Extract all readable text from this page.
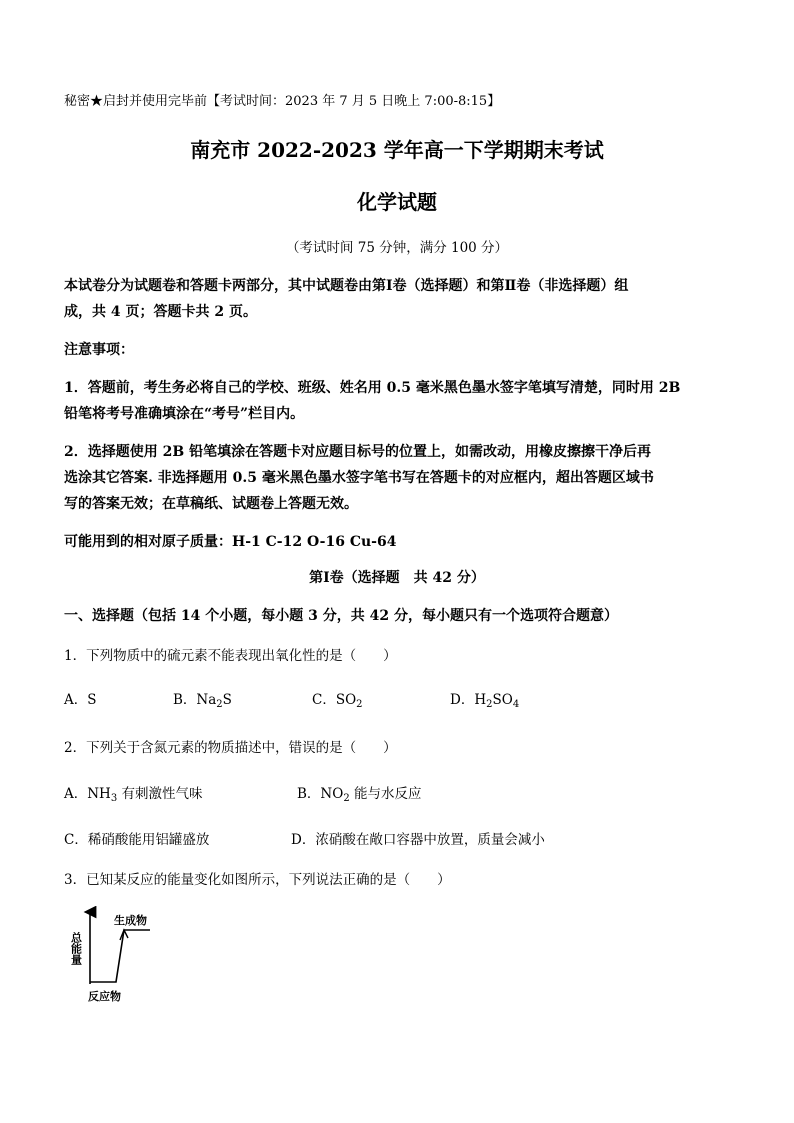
秘密★启封并使用完毕前【考试时间：2023 年 7 月 5 日晚上 7:00-8:15】
南充市 2022-2023 学年高一下学期期末考试
化学试题
（考试时间 75 分钟，满分 100 分）
本试卷分为试题卷和答题卡两部分，其中试题卷由第Ⅰ卷（选择题）和第Ⅱ卷（非选择题）组
成，共 4 页；答题卡共 2 页。
注意事项：
1．答题前，考生务必将自己的学校、班级、姓名用 0.5 毫米黑色墨水签字笔填写清楚，同时用 2B
铅笔将考号准确填涂在“考号”栏目内。
2．选择题使用 2B 铅笔填涂在答题卡对应题目标号的位置上，如需改动，用橡皮擦擦干净后再
选涂其它答案. 非选择题用 0.5 毫米黑色墨水签字笔书写在答题卡的对应框内，超出答题区域书
写的答案无效；在草稿纸、试题卷上答题无效。
可能用到的相对原子质量：H-1 C-12 O-16 Cu-64
第Ⅰ卷（选择题　共 42 分）
一、选择题（包括 14 个小题，每小题 3 分，共 42 分，每小题只有一个选项符合题意）
1．下列物质中的硫元素不能表现出氧化性的是（　　）
A．S	B．$Na_2S$	C．$SO_2$	D．$H_2SO_4$
2．下列关于含氮元素的物质描述中，错误的是（　　）
A．$NH_3$ 有刺激性气味	B．$NO_2$ 能与水反应
C．稀硝酸能用铝罐盛放	D．浓硝酸在敞口容器中放置，质量会减小
3．已知某反应的能量变化如图所示，下列说法正确的是（　　）
总能量
生成物
反应物
